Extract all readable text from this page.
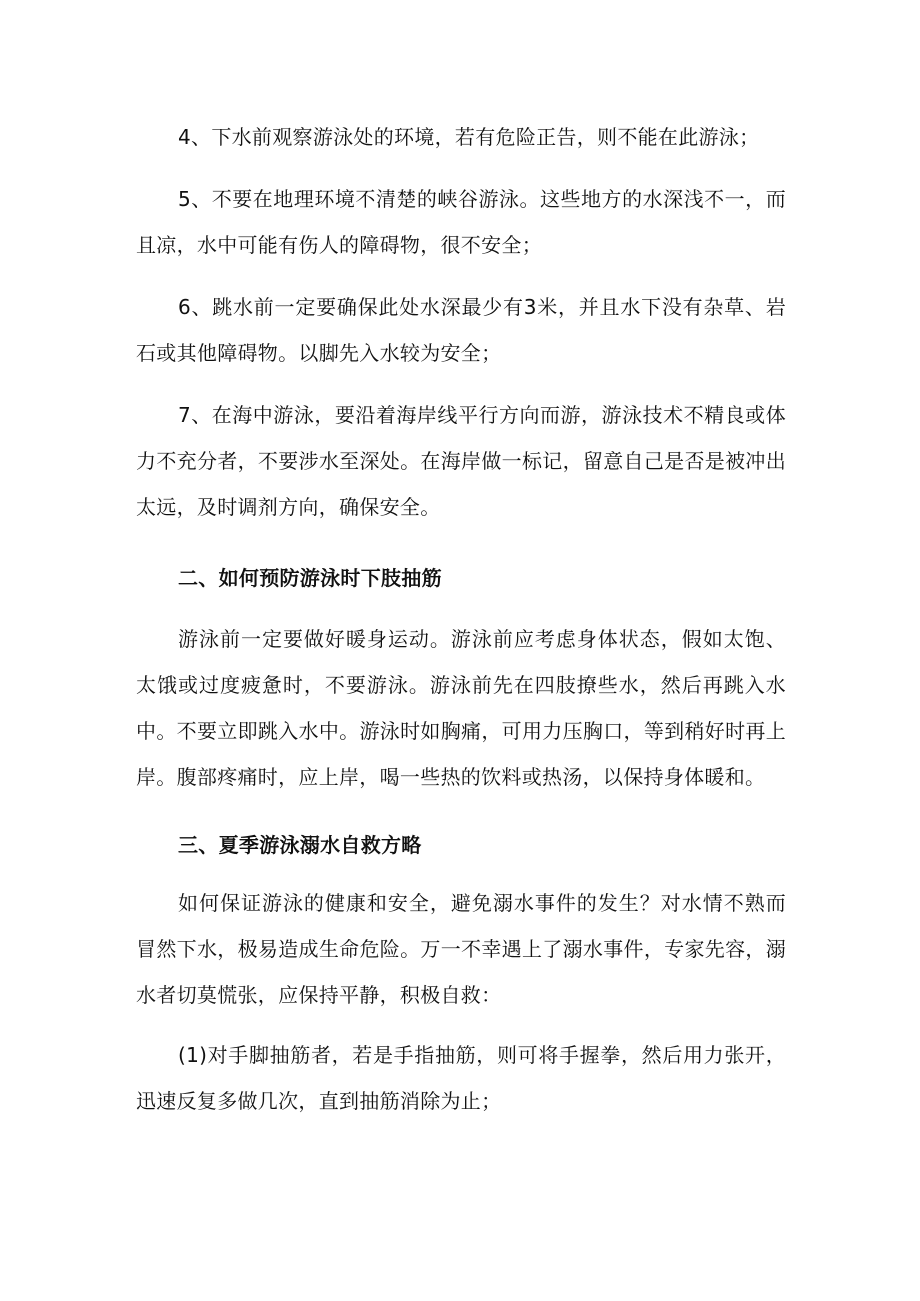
4、下水前观察游泳处的环境，若有危险正告，则不能在此游泳；

5、不要在地理环境不清楚的峡谷游泳。这些地方的水深浅不一，而且凉，水中可能有伤人的障碍物，很不安全；

6、跳水前一定要确保此处水深最少有3米，并且水下没有杂草、岩石或其他障碍物。以脚先入水较为安全；

7、在海中游泳，要沿着海岸线平行方向而游，游泳技术不精良或体力不充分者，不要涉水至深处。在海岸做一标记，留意自己是否是被冲出太远，及时调剂方向，确保安全。

二、如何预防游泳时下肢抽筋

游泳前一定要做好暖身运动。游泳前应考虑身体状态，假如太饱、太饿或过度疲惫时，不要游泳。游泳前先在四肢撩些水，然后再跳入水中。不要立即跳入水中。游泳时如胸痛，可用力压胸口，等到稍好时再上岸。腹部疼痛时，应上岸，喝一些热的饮料或热汤，以保持身体暖和。

三、夏季游泳溺水自救方略

如何保证游泳的健康和安全，避免溺水事件的发生？对水情不熟而冒然下水，极易造成生命危险。万一不幸遇上了溺水事件，专家先容，溺水者切莫慌张，应保持平静，积极自救：

(1)对手脚抽筋者，若是手指抽筋，则可将手握拳，然后用力张开，迅速反复多做几次，直到抽筋消除为止；
